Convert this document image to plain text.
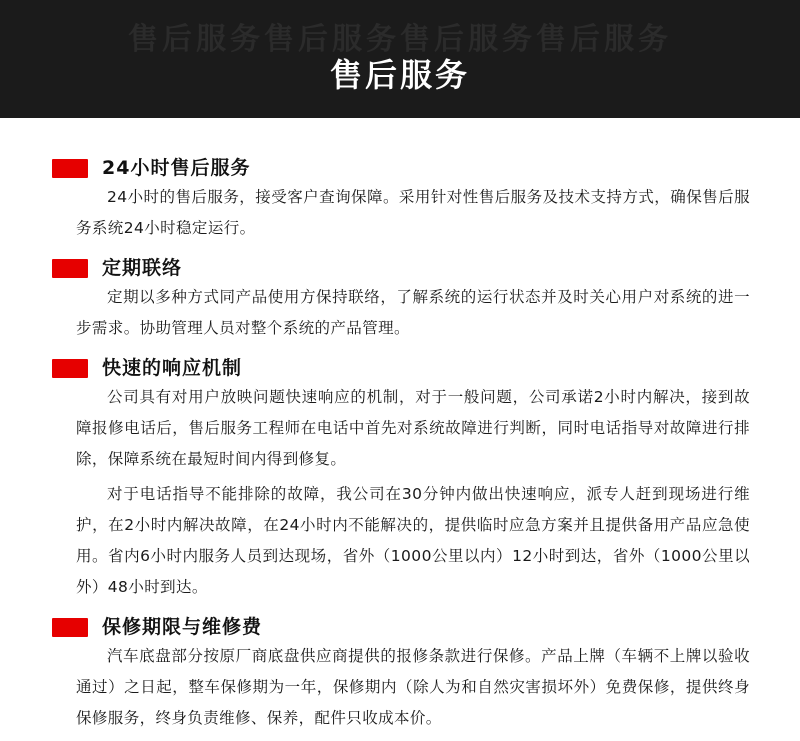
售后服务售后服务售后服务售后服务
售后服务
24小时售后服务

24小时的售后服务，接受客户查询保障。采用针对性售后服务及技术支持方式，确保售后服务系统24小时稳定运行。

定期联络

定期以多种方式同产品使用方保持联络，了解系统的运行状态并及时关心用户对系统的进一步需求。协助管理人员对整个系统的产品管理。

快速的响应机制

公司具有对用户放映问题快速响应的机制，对于一般问题，公司承诺2小时内解决，接到故障报修电话后，售后服务工程师在电话中首先对系统故障进行判断，同时电话指导对故障进行排除，保障系统在最短时间内得到修复。

对于电话指导不能排除的故障，我公司在30分钟内做出快速响应，派专人赶到现场进行维护，在2小时内解决故障，在24小时内不能解决的，提供临时应急方案并且提供备用产品应急使用。省内6小时内服务人员到达现场，省外（1000公里以内）12小时到达，省外（1000公里以外）48小时到达。

保修期限与维修费

汽车底盘部分按原厂商底盘供应商提供的报修条款进行保修。产品上牌（车辆不上牌以验收通过）之日起，整车保修期为一年，保修期内（除人为和自然灾害损坏外）免费保修，提供终身保修服务，终身负责维修、保养，配件只收成本价。
